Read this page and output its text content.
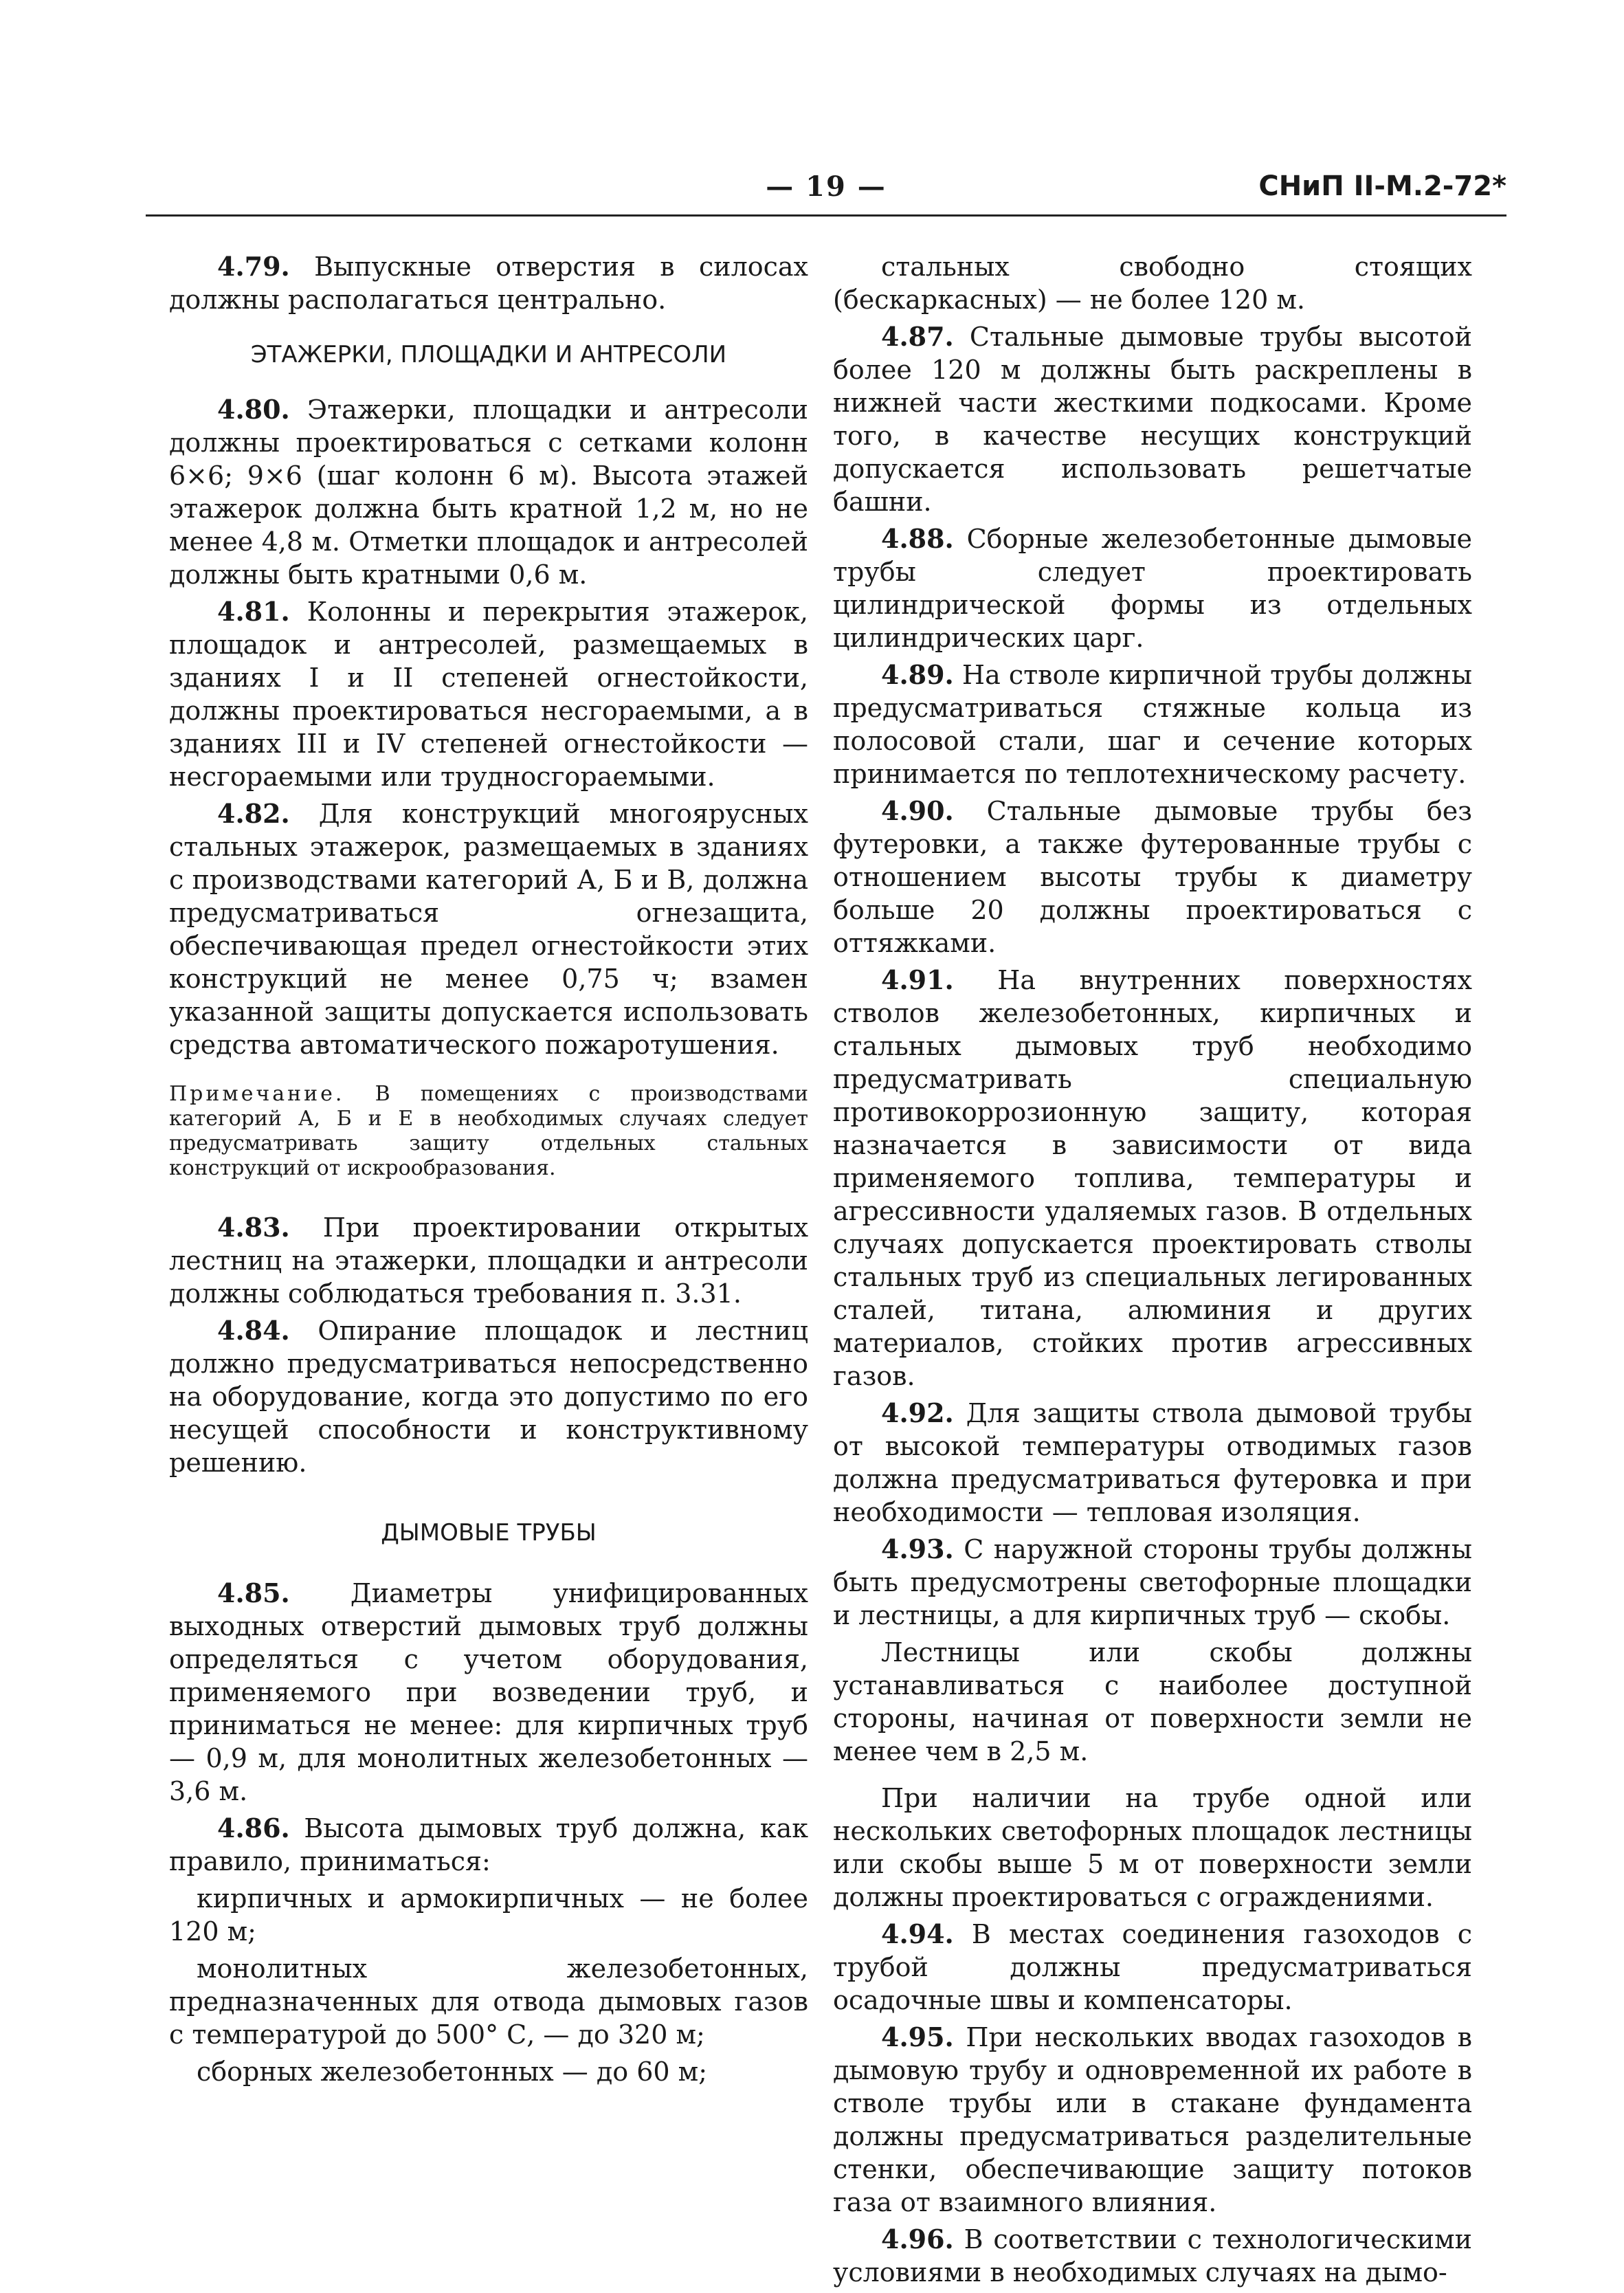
— 19 —	СНиП II-М.2-72*

4.79. Выпускные отверстия в силосах должны располагаться центрально.

ЭТАЖЕРКИ, ПЛОЩАДКИ И АНТРЕСОЛИ

4.80. Этажерки, площадки и антресоли должны проектироваться с сетками колонн 6×6; 9×6 (шаг колонн 6 м). Высота этажей этажерок должна быть кратной 1,2 м, но не менее 4,8 м. Отметки площадок и антресолей должны быть кратными 0,6 м.

4.81. Колонны и перекрытия этажерок, площадок и антресолей, размещаемых в зданиях I и II степеней огнестойкости, должны проектироваться несгораемыми, а в зданиях III и IV степеней огнестойкости — несгораемыми или трудносгораемыми.

4.82. Для конструкций многоярусных стальных этажерок, размещаемых в зданиях с производствами категорий А, Б и В, должна предусматриваться огнезащита, обеспечивающая предел огнестойкости этих конструкций не менее 0,75 ч; взамен указанной защиты допускается использовать средства автоматического пожаротушения.

Примечание. В помещениях с производствами категорий А, Б и Е в необходимых случаях следует предусматривать защиту отдельных стальных конструкций от искрообразования.

4.83. При проектировании открытых лестниц на этажерки, площадки и антресоли должны соблюдаться требования п. 3.31.

4.84. Опирание площадок и лестниц должно предусматриваться непосредственно на оборудование, когда это допустимо по его несущей способности и конструктивному решению.

ДЫМОВЫЕ ТРУБЫ

4.85. Диаметры унифицированных выходных отверстий дымовых труб должны определяться с учетом оборудования, применяемого при возведении труб, и приниматься не менее: для кирпичных труб — 0,9 м, для монолитных железобетонных — 3,6 м.

4.86. Высота дымовых труб должна, как правило, приниматься:

кирпичных и армокирпичных — не более 120 м;

монолитных железобетонных, предназначенных для отвода дымовых газов с температурой до 500° С, — до 320 м;

сборных железобетонных — до 60 м;

стальных свободно стоящих (бескаркасных) — не более 120 м.

4.87. Стальные дымовые трубы высотой более 120 м должны быть раскреплены в нижней части жесткими подкосами. Кроме того, в качестве несущих конструкций допускается использовать решетчатые башни.

4.88. Сборные железобетонные дымовые трубы следует проектировать цилиндрической формы из отдельных цилиндрических царг.

4.89. На стволе кирпичной трубы должны предусматриваться стяжные кольца из полосовой стали, шаг и сечение которых принимается по теплотехническому расчету.

4.90. Стальные дымовые трубы без футеровки, а также футерованные трубы с отношением высоты трубы к диаметру больше 20 должны проектироваться с оттяжками.

4.91. На внутренних поверхностях стволов железобетонных, кирпичных и стальных дымовых труб необходимо предусматривать специальную противокоррозионную защиту, которая назначается в зависимости от вида применяемого топлива, температуры и агрессивности удаляемых газов. В отдельных случаях допускается проектировать стволы стальных труб из специальных легированных сталей, титана, алюминия и других материалов, стойких против агрессивных газов.

4.92. Для защиты ствола дымовой трубы от высокой температуры отводимых газов должна предусматриваться футеровка и при необходимости — тепловая изоляция.

4.93. С наружной стороны трубы должны быть предусмотрены светофорные площадки и лестницы, а для кирпичных труб — скобы.

Лестницы или скобы должны устанавливаться с наиболее доступной стороны, начиная от поверхности земли не менее чем в 2,5 м.

При наличии на трубе одной или нескольких светофорных площадок лестницы или скобы выше 5 м от поверхности земли должны проектироваться с ограждениями.

4.94. В местах соединения газоходов с трубой должны предусматриваться осадочные швы и компенсаторы.

4.95. При нескольких вводах газоходов в дымовую трубу и одновременной их работе в стволе трубы или в стакане фундамента должны предусматриваться разделительные стенки, обеспечивающие защиту потоков газа от взаимного влияния.

4.96. В соответствии с технологическими условиями в необходимых случаях на дымо-
